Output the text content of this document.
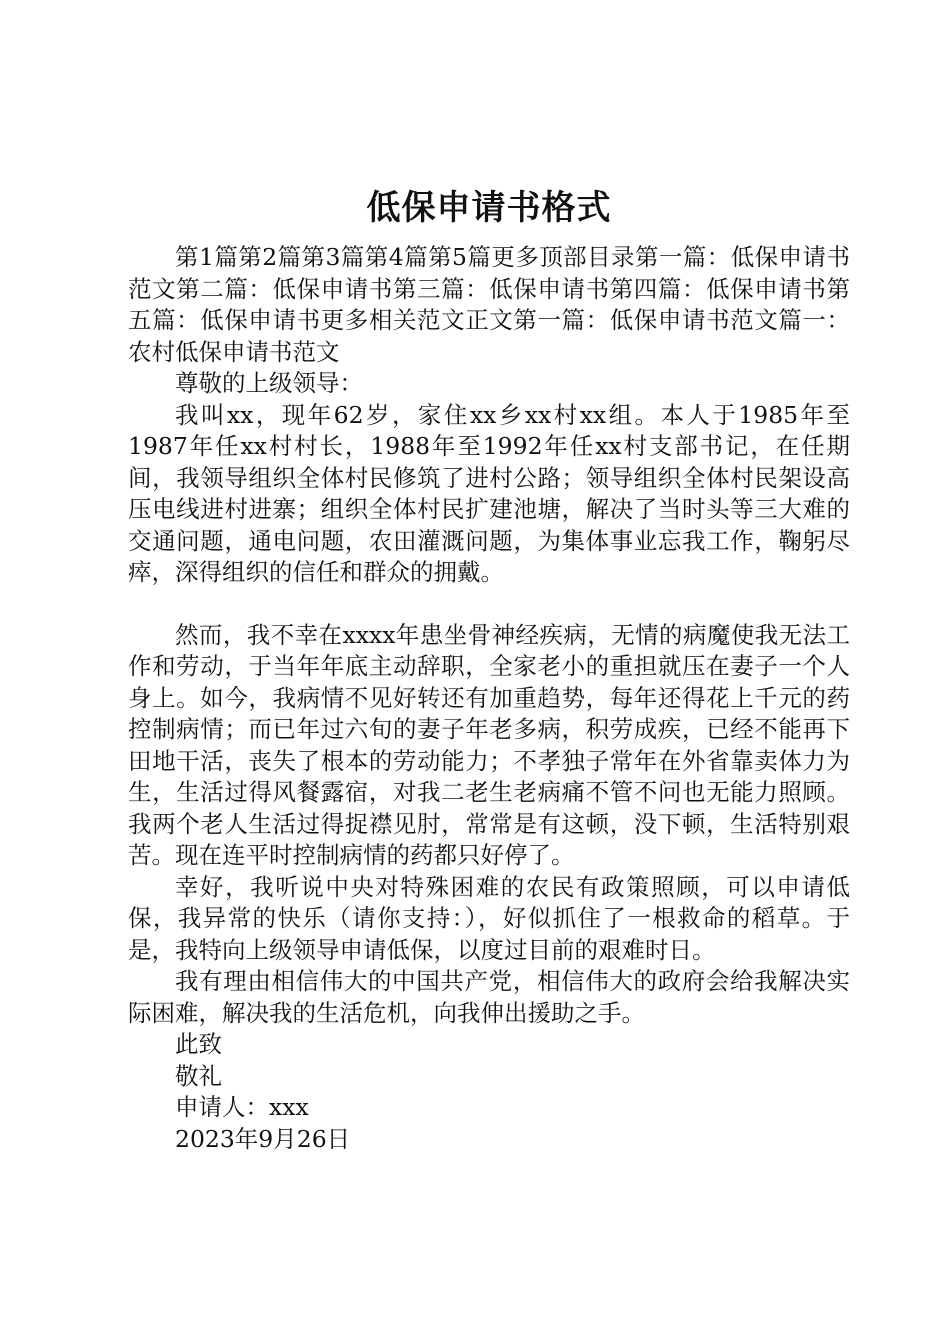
低保申请书格式

第1篇第2篇第3篇第4篇第5篇更多顶部目录第一篇：低保申请书范文第二篇：低保申请书第三篇：低保申请书第四篇：低保申请书第五篇：低保申请书更多相关范文正文第一篇：低保申请书范文篇一：农村低保申请书范文

尊敬的上级领导：

我叫xx，现年62岁，家住xx乡xx村xx组。本人于1985年至1987年任xx村村长，1988年至1992年任xx村支部书记，在任期间，我领导组织全体村民修筑了进村公路；领导组织全体村民架设高压电线进村进寨；组织全体村民扩建池塘，解决了当时头等三大难的交通问题，通电问题，农田灌溉问题，为集体事业忘我工作，鞠躬尽瘁，深得组织的信任和群众的拥戴。

然而，我不幸在xxxx年患坐骨神经疾病，无情的病魔使我无法工作和劳动，于当年年底主动辞职，全家老小的重担就压在妻子一个人身上。如今，我病情不见好转还有加重趋势，每年还得花上千元的药控制病情；而已年过六旬的妻子年老多病，积劳成疾，已经不能再下田地干活，丧失了根本的劳动能力；不孝独子常年在外省靠卖体力为生，生活过得风餐露宿，对我二老生老病痛不管不问也无能力照顾。我两个老人生活过得捉襟见肘，常常是有这顿，没下顿，生活特别艰苦。现在连平时控制病情的药都只好停了。

幸好，我听说中央对特殊困难的农民有政策照顾，可以申请低保，我异常的快乐（请你支持：），好似抓住了一根救命的稻草。于是，我特向上级领导申请低保，以度过目前的艰难时日。

我有理由相信伟大的中国共产党，相信伟大的政府会给我解决实际困难，解决我的生活危机，向我伸出援助之手。

此致

敬礼

申请人：xxx

2023年9月26日
